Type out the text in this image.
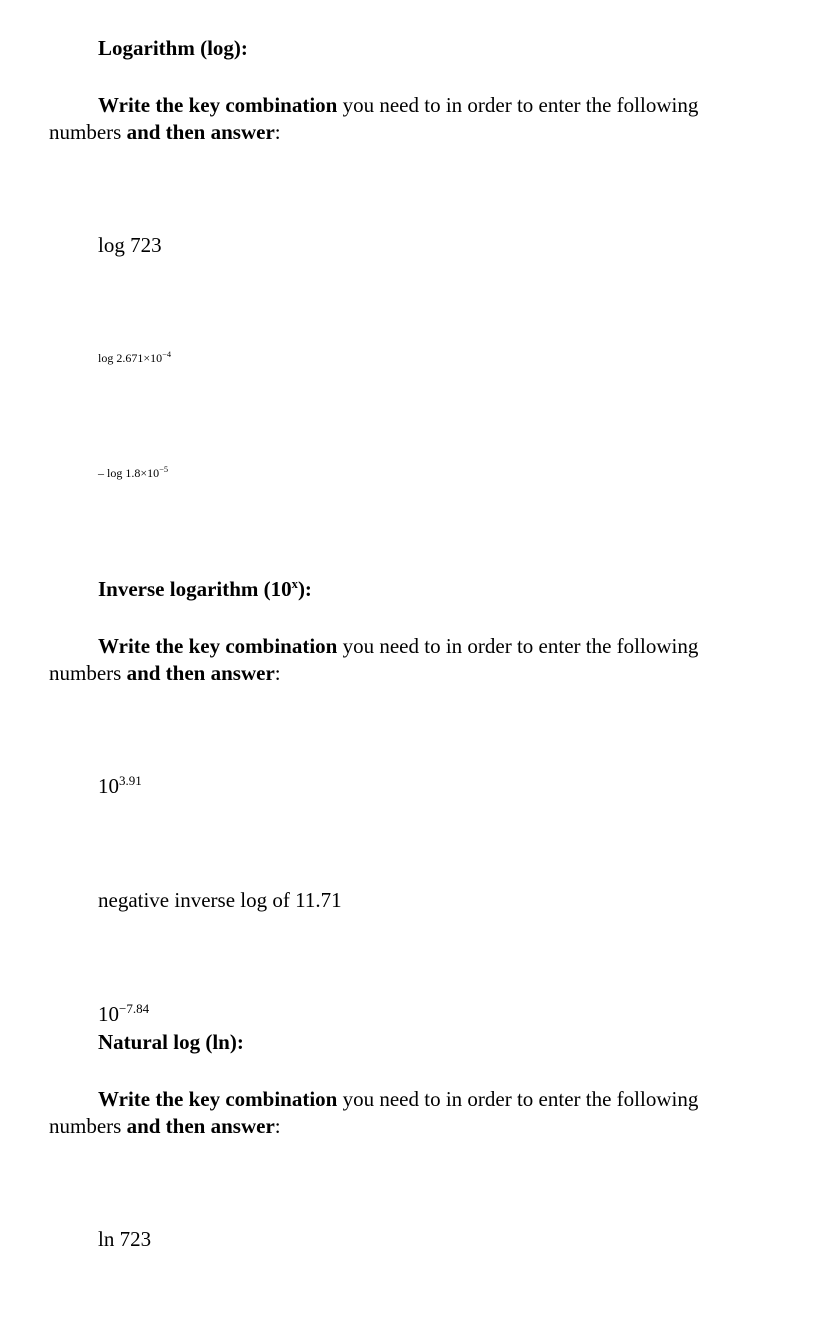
Logarithm (log):

Write the key combination you need to in order to enter the following numbers and then answer:

log 723
$\log 2.671\times 10^{-4}$
– $\log 1.8\times 10^{-5}$
Inverse logarithm (10$^x$):

Write the key combination you need to in order to enter the following numbers and then answer:

$10^{3.91}$
negative inverse log of 11.71
$10^{-7.84}$
Natural log (ln):

Write the key combination you need to in order to enter the following numbers and then answer:

ln 723
